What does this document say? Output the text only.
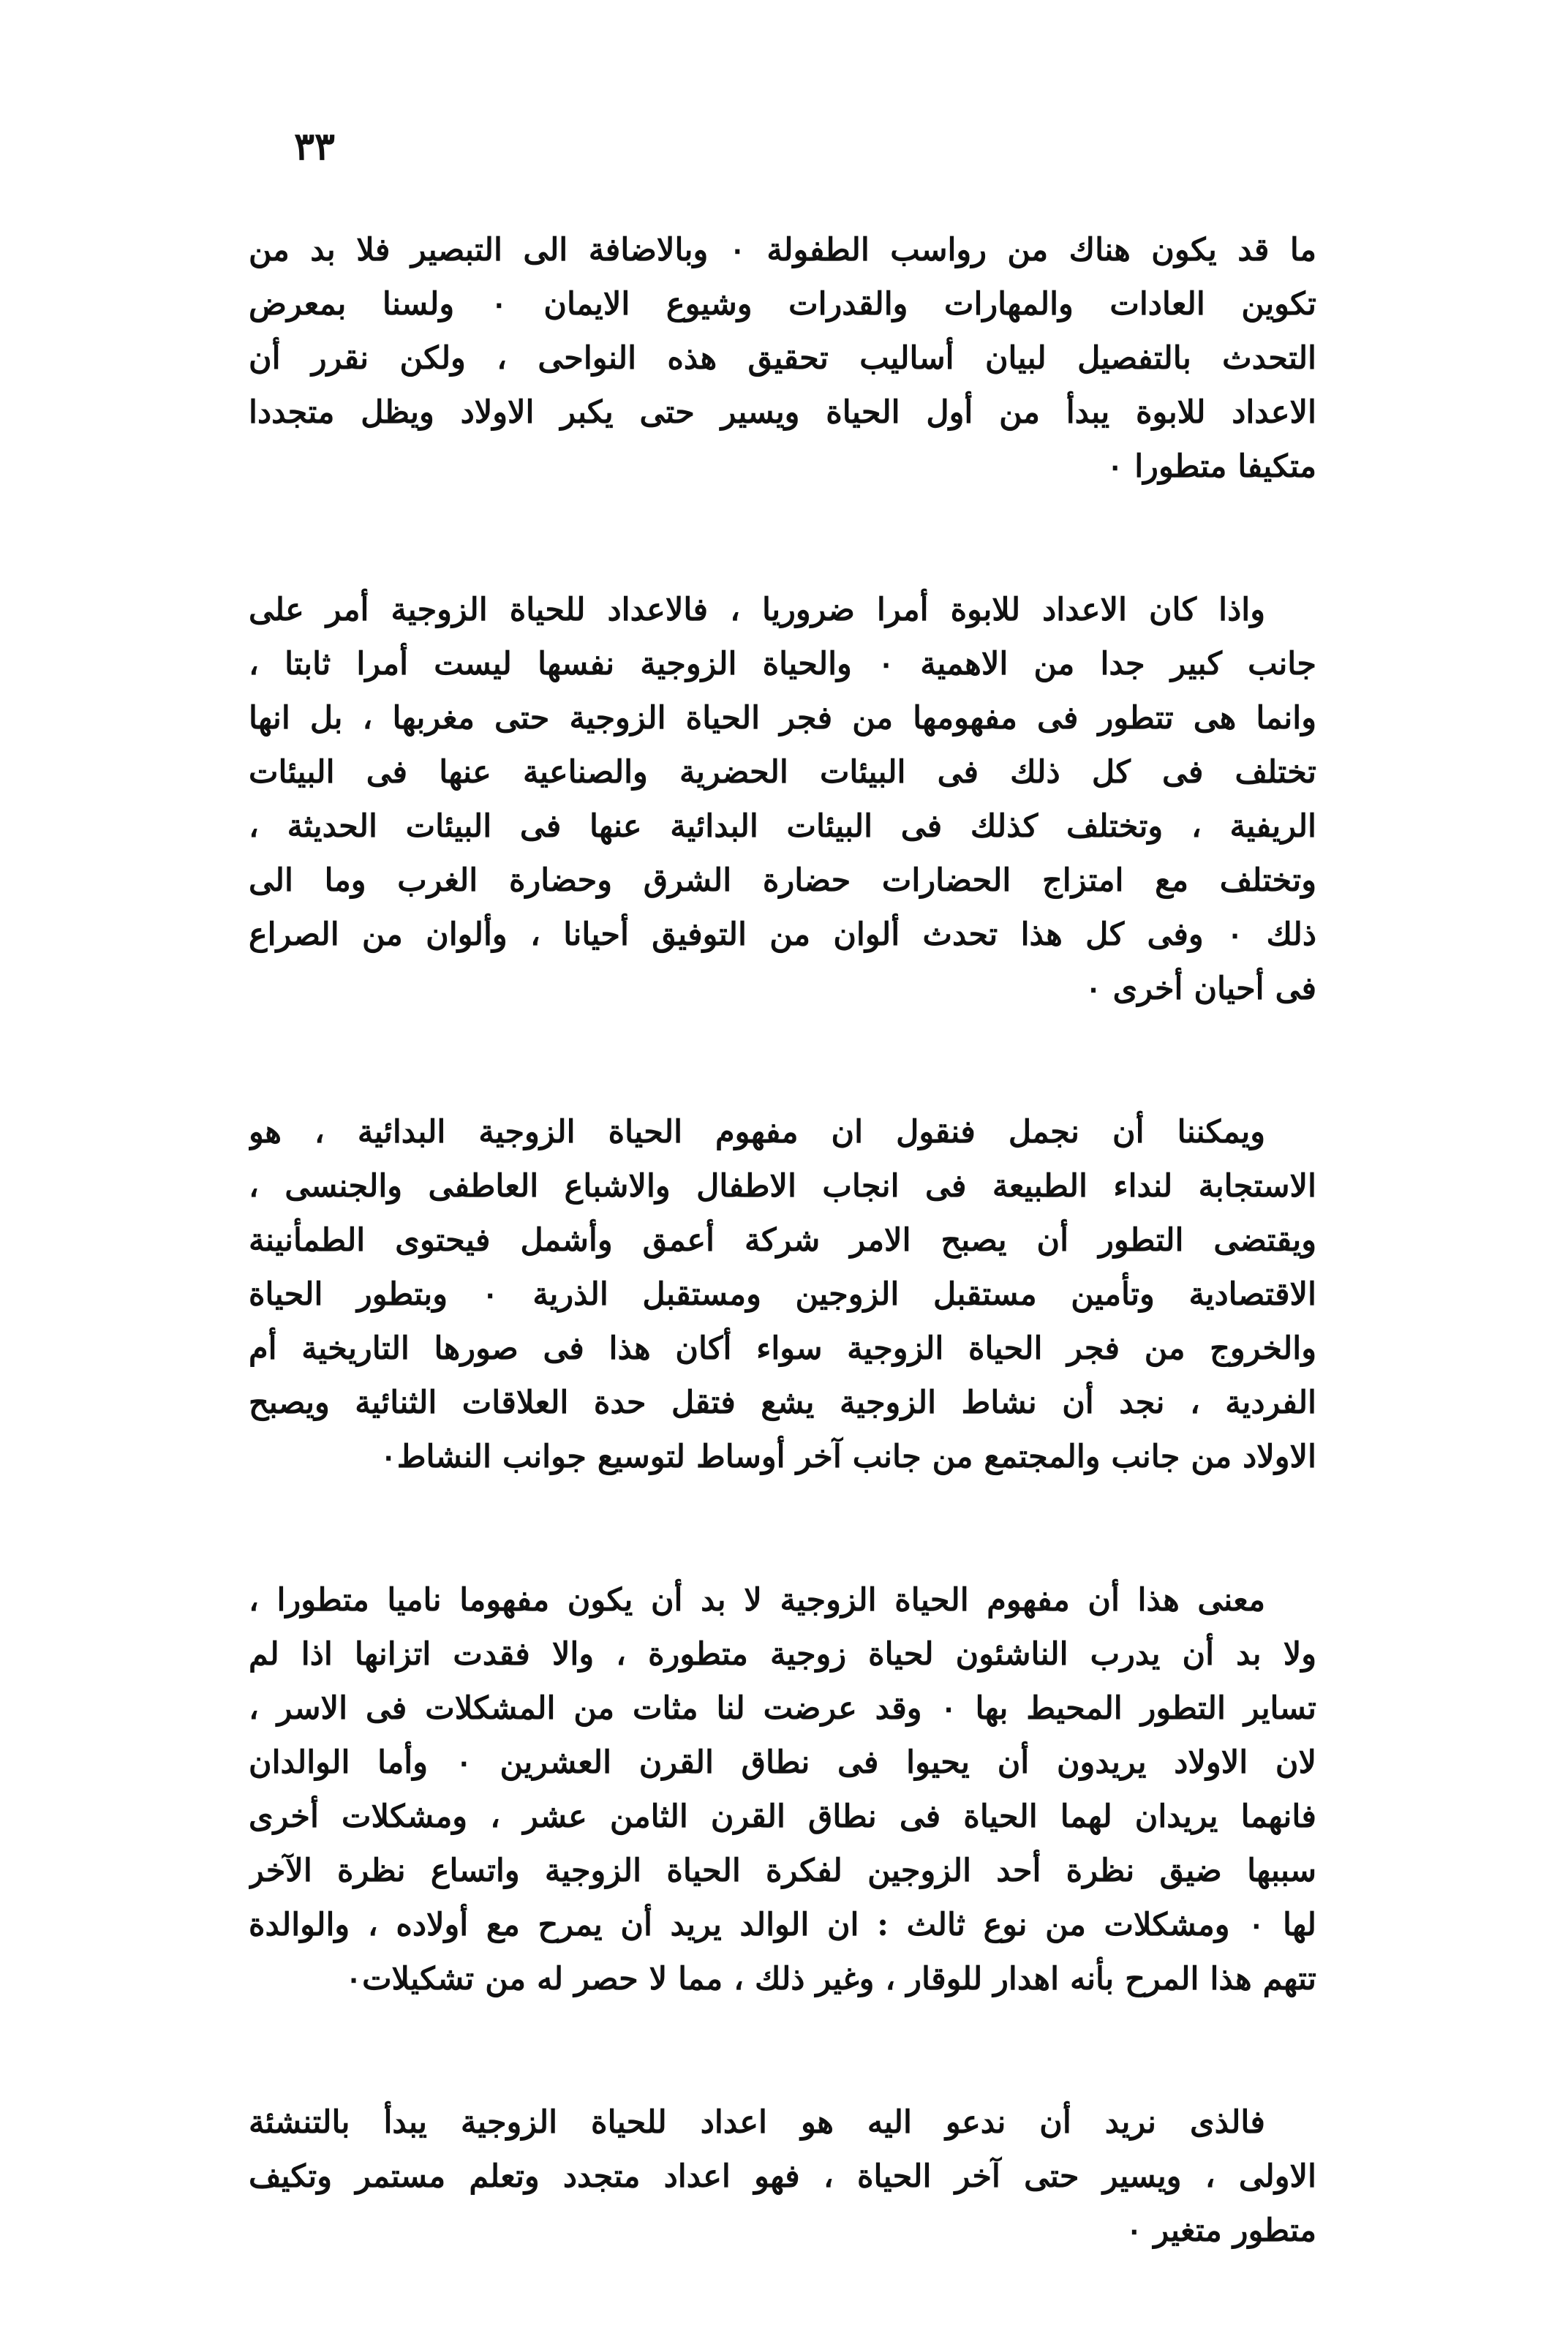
٣٣

ما قد يكون هناك من رواسب الطفولة ٠ وبالاضافة الى التبصير فلا بد من
تكوين العادات والمهارات والقدرات وشيوع الايمان ٠ ولسنا بمعرض
التحدث بالتفصيل لبيان أساليب تحقيق هذه النواحى ، ولكن نقرر أن
الاعداد للابوة يبدأ من أول الحياة ويسير حتى يكبر الاولاد ويظل متجددا
متكيفا متطورا ٠
واذا كان الاعداد للابوة أمرا ضروريا ، فالاعداد للحياة الزوجية أمر على
جانب كبير جدا من الاهمية ٠ والحياة الزوجية نفسها ليست أمرا ثابتا ،
وانما هى تتطور فى مفهومها من فجر الحياة الزوجية حتى مغربها ، بل انها
تختلف فى كل ذلك فى البيئات الحضرية والصناعية عنها فى البيئات
الريفية ، وتختلف كذلك فى البيئات البدائية عنها فى البيئات الحديثة ،
وتختلف مع امتزاج الحضارات حضارة الشرق وحضارة الغرب وما الى
ذلك ٠ وفى كل هذا تحدث ألوان من التوفيق أحيانا ، وألوان من الصراع
فى أحيان أخرى ٠
ويمكننا أن نجمل فنقول ان مفهوم الحياة الزوجية البدائية ، هو
الاستجابة لنداء الطبيعة فى انجاب الاطفال والاشباع العاطفى والجنسى ،
ويقتضى التطور أن يصبح الامر شركة أعمق وأشمل فيحتوى الطمأنينة
الاقتصادية وتأمين مستقبل الزوجين ومستقبل الذرية ٠ وبتطور الحياة
والخروج من فجر الحياة الزوجية سواء أكان هذا فى صورها التاريخية أم
الفردية ، نجد أن نشاط الزوجية يشع فتقل حدة العلاقات الثنائية ويصبح
الاولاد من جانب والمجتمع من جانب آخر أوساط لتوسيع جوانب النشاط٠
معنى هذا أن مفهوم الحياة الزوجية لا بد أن يكون مفهوما ناميا متطورا ،
ولا بد أن يدرب الناشئون لحياة زوجية متطورة ، والا فقدت اتزانها اذا لم
تساير التطور المحيط بها ٠ وقد عرضت لنا مثات من المشكلات فى الاسر ،
لان الاولاد يريدون أن يحيوا فى نطاق القرن العشرين ٠ وأما الوالدان
فانهما يريدان لهما الحياة فى نطاق القرن الثامن عشر ، ومشكلات أخرى
سببها ضيق نظرة أحد الزوجين لفكرة الحياة الزوجية واتساع نظرة الآخر
لها ٠ ومشكلات من نوع ثالث : ان الوالد يريد أن يمرح مع أولاده ، والوالدة
تتهم هذا المرح بأنه اهدار للوقار ، وغير ذلك ، مما لا حصر له من تشكيلات٠
فالذى نريد أن ندعو اليه هو اعداد للحياة الزوجية يبدأ بالتنشئة
الاولى ، ويسير حتى آخر الحياة ، فهو اعداد متجدد وتعلم مستمر وتكيف
متطور متغير ٠
